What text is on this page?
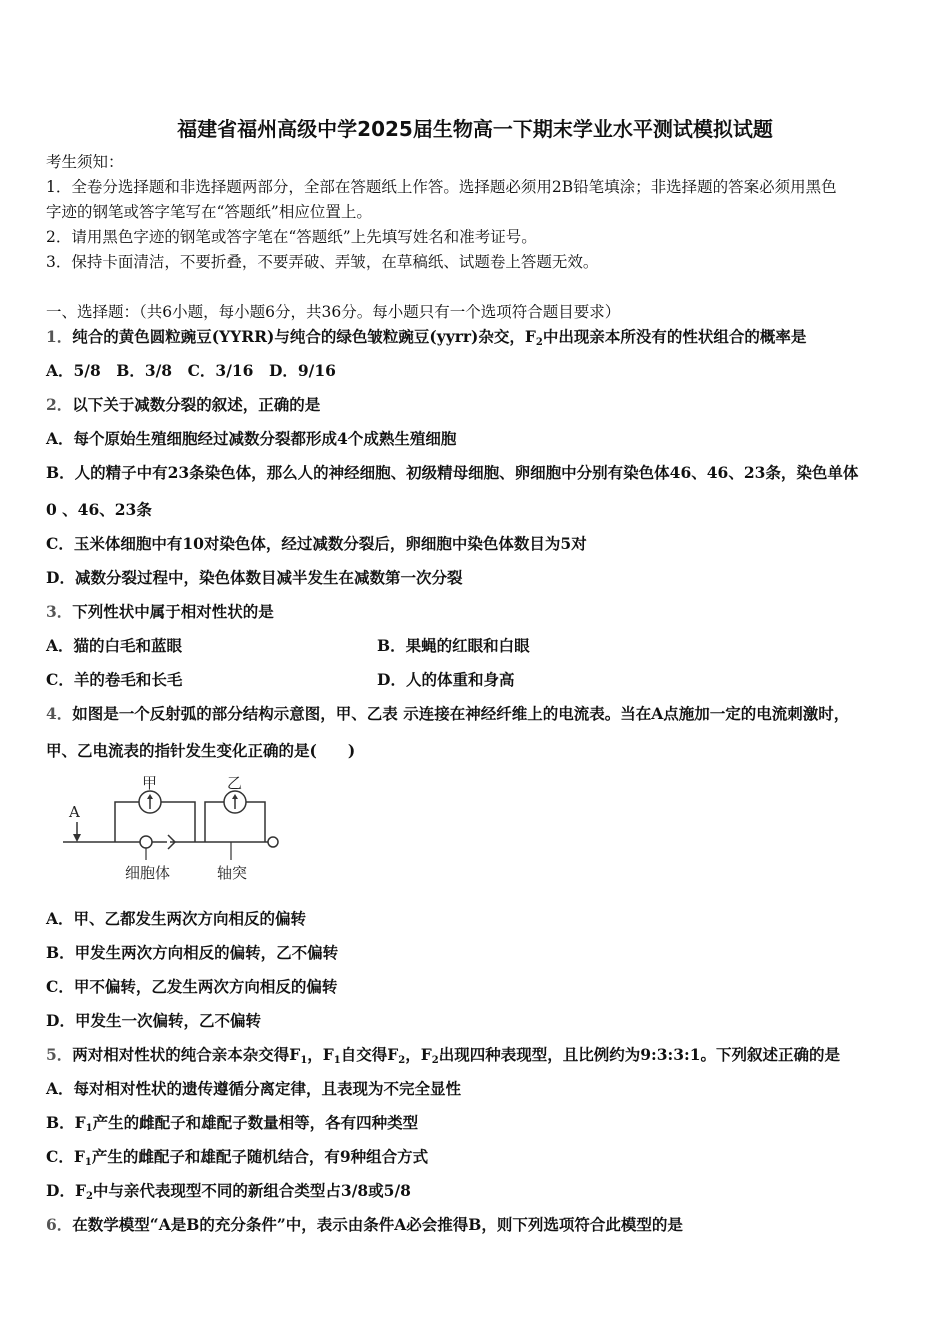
福建省福州高级中学2025届生物高一下期末学业水平测试模拟试题
考生须知：
1．全卷分选择题和非选择题两部分，全部在答题纸上作答。选择题必须用2B铅笔填涂；非选择题的答案必须用黑色
字迹的钢笔或答字笔写在“答题纸”相应位置上。
2．请用黑色字迹的钢笔或答字笔在“答题纸”上先填写姓名和准考证号。
3．保持卡面清洁，不要折叠，不要弄破、弄皱，在草稿纸、试题卷上答题无效。
一、选择题：（共6小题，每小题6分，共36分。每小题只有一个选项符合题目要求）
1．纯合的黄色圆粒豌豆(YYRR)与纯合的绿色皱粒豌豆(yyrr)杂交，$F_2$中出现亲本所没有的性状组合的概率是
A．5/8　B．3/8　C．3/16　D．9/16
2．以下关于减数分裂的叙述，正确的是
A．每个原始生殖细胞经过减数分裂都形成4个成熟生殖细胞
B．人的精子中有23条染色体，那么人的神经细胞、初级精母细胞、卵细胞中分别有染色体46、46、23条，染色单体
0 、46、23条
C．玉米体细胞中有10对染色体，经过减数分裂后，卵细胞中染色体数目为5对
D．减数分裂过程中，染色体数目减半发生在减数第一次分裂
3．下列性状中属于相对性状的是
A．猫的白毛和蓝眼	B．果蝇的红眼和白眼
C．羊的卷毛和长毛	D．人的体重和身高
4．如图是一个反射弧的部分结构示意图，甲、乙表 示连接在神经纤维上的电流表。当在A点施加一定的电流刺激时，
甲、乙电流表的指针发生变化正确的是(　　)
A
甲	乙
细胞体	轴突
A．甲、乙都发生两次方向相反的偏转
B．甲发生两次方向相反的偏转，乙不偏转
C．甲不偏转，乙发生两次方向相反的偏转
D．甲发生一次偏转，乙不偏转
5．两对相对性状的纯合亲本杂交得$F_1$，$F_1$自交得$F_2$，$F_2$出现四种表现型，且比例约为9:3:3:1。下列叙述正确的是
A．每对相对性状的遗传遵循分离定律，且表现为不完全显性
B．$F_1$产生的雌配子和雄配子数量相等，各有四种类型
C．$F_1$产生的雌配子和雄配子随机结合，有9种组合方式
D．$F_2$中与亲代表现型不同的新组合类型占3/8或5/8
6．在数学模型“A是B的充分条件”中，表示由条件A必会推得B，则下列选项符合此模型的是
